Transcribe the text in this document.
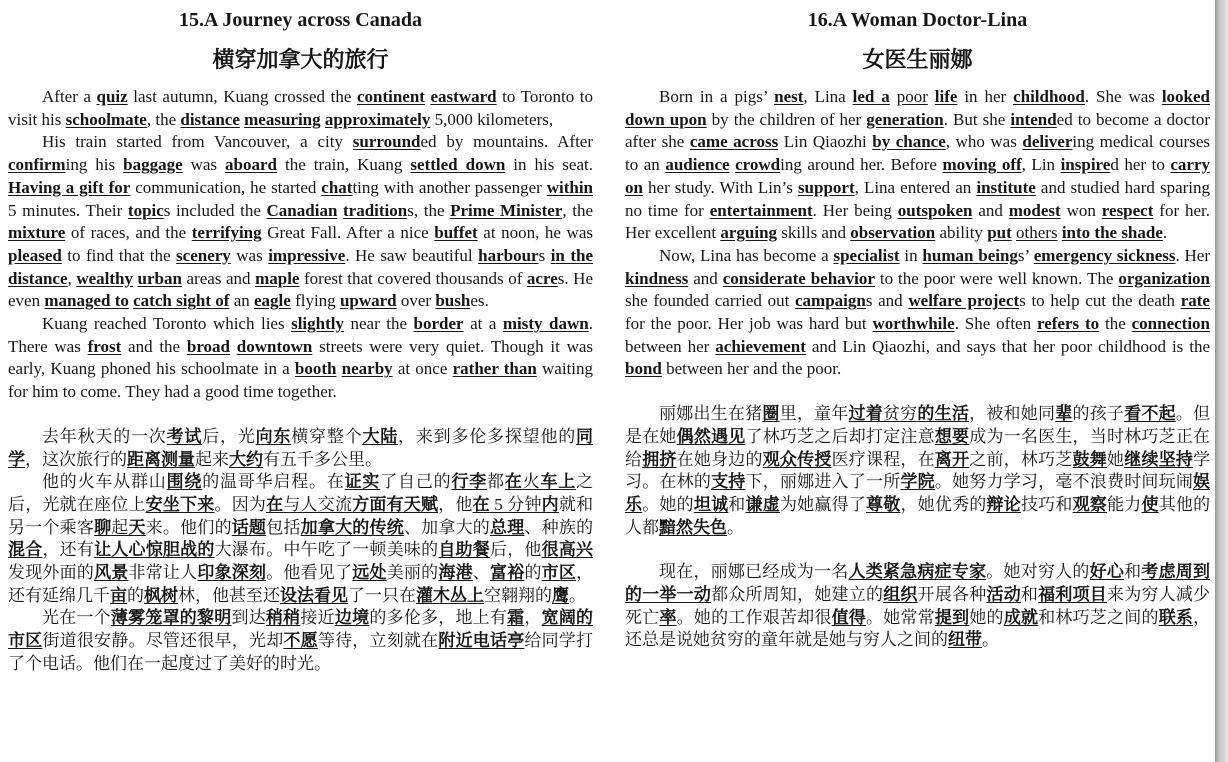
15.A Journey across Canada
横穿加拿大的旅行

After a quiz last autumn, Kuang crossed the continent eastward to Toronto to visit his schoolmate, the distance measuring approximately 5,000 kilometers,

His train started from Vancouver, a city surrounded by mountains. After confirming his baggage was aboard the train, Kuang settled down in his seat. Having a gift for communication, he started chatting with another passenger within 5 minutes. Their topics included the Canadian traditions, the Prime Minister, the mixture of races, and the terrifying Great Fall. After a nice buffet at noon, he was pleased to find that the scenery was impressive. He saw beautiful harbours in the distance, wealthy urban areas and maple forest that covered thousands of acres. He even managed to catch sight of an eagle flying upward over bushes.

Kuang reached Toronto which lies slightly near the border at a misty dawn. There was frost and the broad downtown streets were very quiet. Though it was early, Kuang phoned his schoolmate in a booth nearby at once rather than waiting for him to come. They had a good time together.

去年秋天的一次考试后，光向东横穿整个大陆，来到多伦多探望他的同学，这次旅行的距离测量起来大约有五千多公里。

他的火车从群山围绕的温哥华启程。在证实了自己的行李都在火车上之后，光就在座位上安坐下来。因为在与人交流方面有天赋，他在 5 分钟内就和另一个乘客聊起天来。他们的话题包括加拿大的传统、加拿大的总理、种族的混合，还有让人心惊胆战的大瀑布。中午吃了一顿美味的自助餐后，他很高兴发现外面的风景非常让人印象深刻。他看见了远处美丽的海港、富裕的市区，还有延绵几千亩的枫树林，他甚至还设法看见了一只在灌木丛上空翱翔的鹰。

光在一个薄雾笼罩的黎明到达稍稍接近边境的多伦多，地上有霜，宽阔的市区街道很安静。尽管还很早，光却不愿等待，立刻就在附近电话亭给同学打了个电话。他们在一起度过了美好的时光。

16.A Woman Doctor-Lina
女医生丽娜

Born in a pigs’ nest, Lina led a poor life in her childhood. She was looked down upon by the children of her generation. But she intended to become a doctor after she came across Lin Qiaozhi by chance, who was delivering medical courses to an audience crowding around her. Before moving off, Lin inspired her to carry on her study. With Lin’s support, Lina entered an institute and studied hard sparing no time for entertainment. Her being outspoken and modest won respect for her. Her excellent arguing skills and observation ability put others into the shade.

Now, Lina has become a specialist in human beings’ emergency sickness. Her kindness and considerate behavior to the poor were well known. The organization she founded carried out campaigns and welfare projects to help cut the death rate for the poor. Her job was hard but worthwhile. She often refers to the connection between her achievement and Lin Qiaozhi, and says that her poor childhood is the bond between her and the poor.

丽娜出生在猪圈里，童年过着贫穷的生活，被和她同辈的孩子看不起。但是在她偶然遇见了林巧芝之后却打定注意想要成为一名医生，当时林巧芝正在给拥挤在她身边的观众传授医疗课程，在离开之前，林巧芝鼓舞她继续坚持学习。在林的支持下，丽娜进入了一所学院。她努力学习，毫不浪费时间玩闹娱乐。她的坦诚和谦虚为她赢得了尊敬，她优秀的辩论技巧和观察能力使其他的人都黯然失色。

现在，丽娜已经成为一名人类紧急病症专家。她对穷人的好心和考虑周到的一举一动都众所周知，她建立的组织开展各种活动和福利项目来为穷人减少死亡率。她的工作艰苦却很值得。她常常提到她的成就和林巧芝之间的联系，还总是说她贫穷的童年就是她与穷人之间的纽带。
